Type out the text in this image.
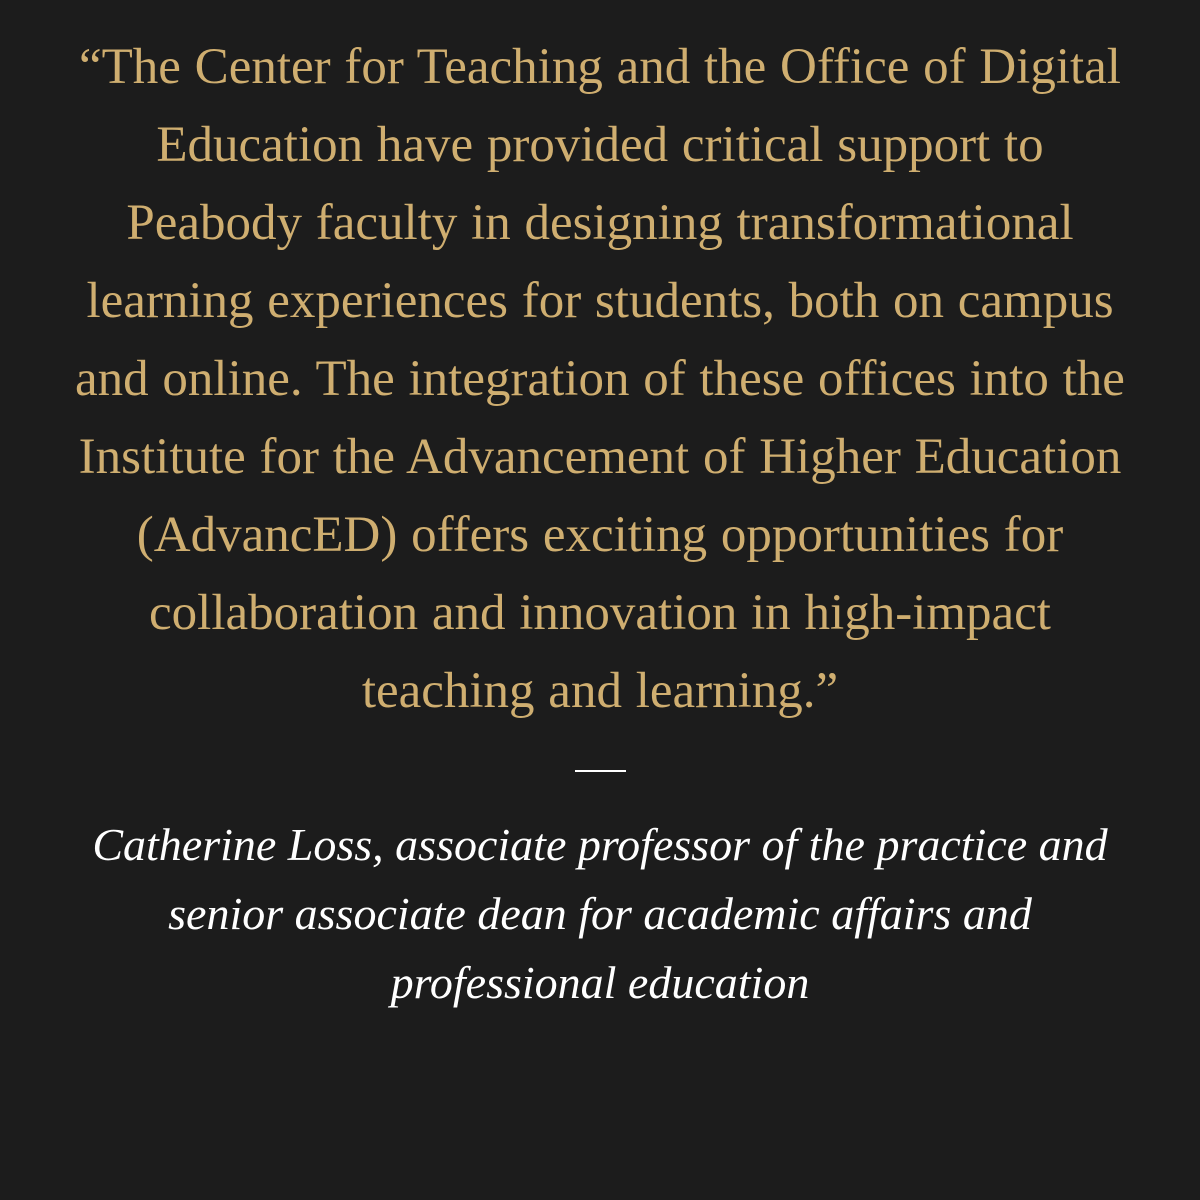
“The Center for Teaching and the Office of Digital Education have provided critical support to Peabody faculty in designing transformational learning experiences for students, both on campus and online. The integration of these offices into the Institute for the Advancement of Higher Education (AdvancED) offers exciting opportunities for collaboration and innovation in high-impact teaching and learning.”

Catherine Loss, associate professor of the practice and senior associate dean for academic affairs and professional education
